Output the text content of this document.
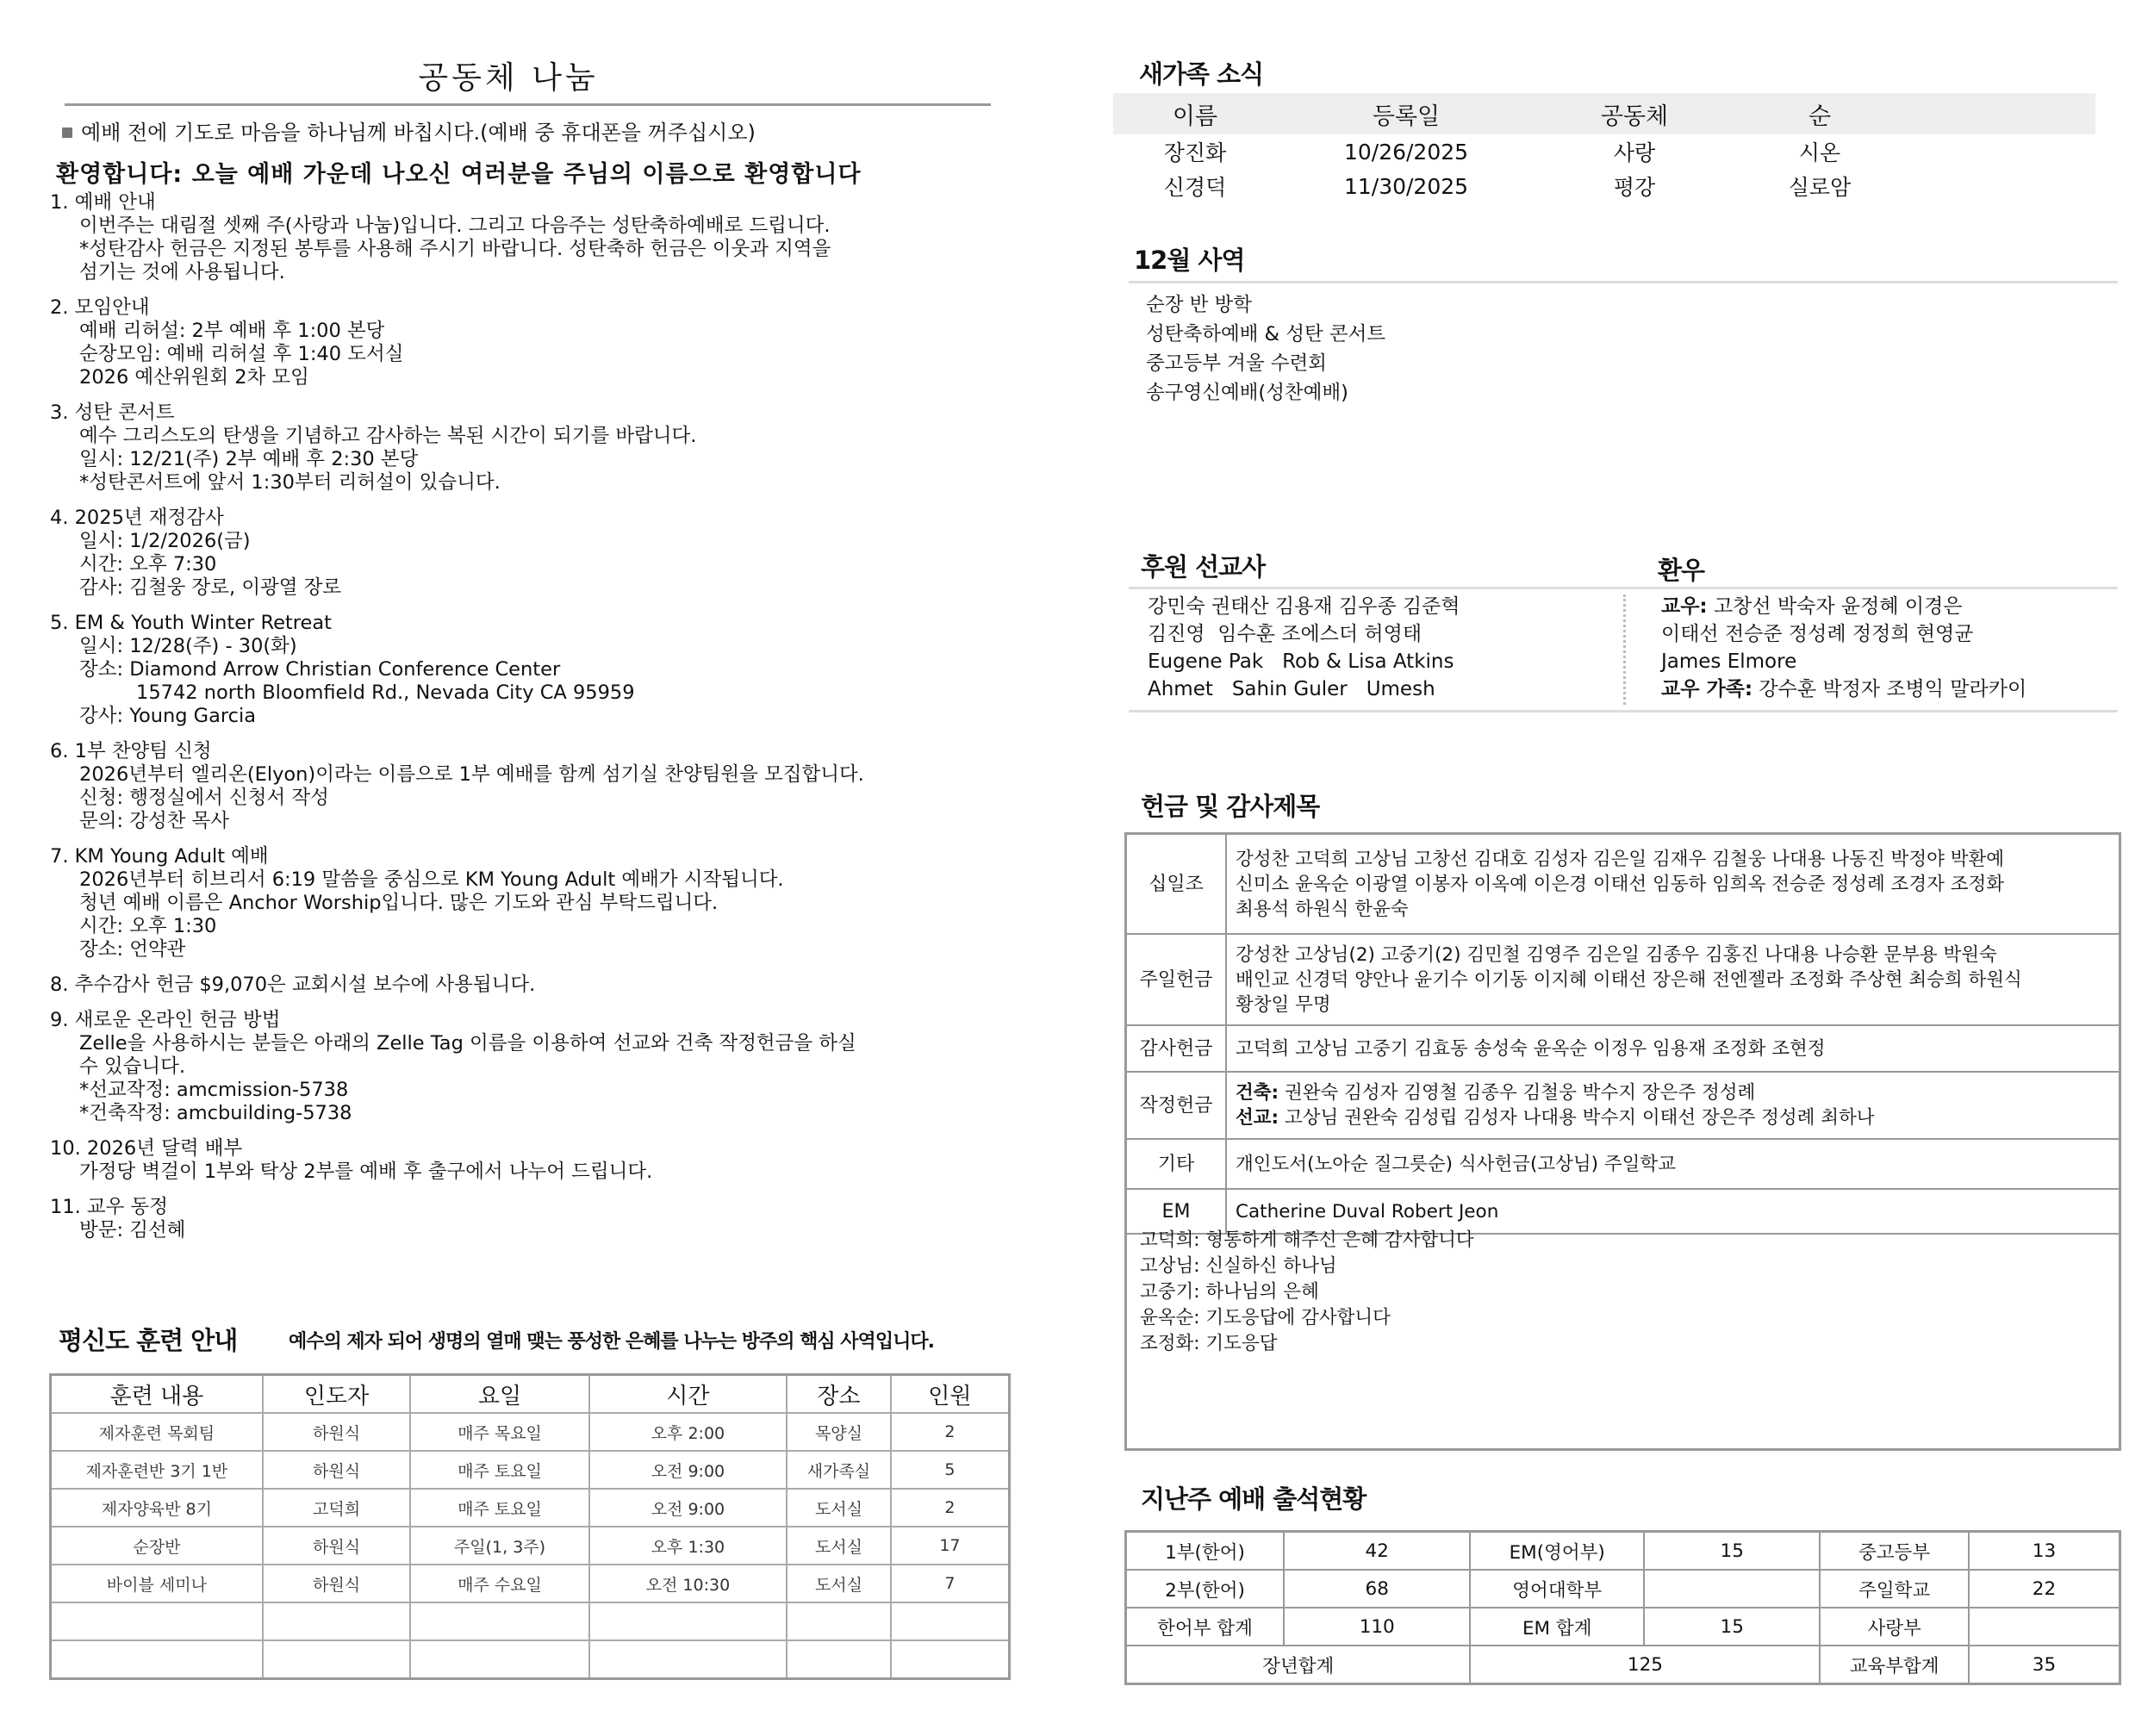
공동체 나눔
예배 전에 기도로 마음을 하나님께 바칩시다.(예배 중 휴대폰을 꺼주십시오)
환영합니다: 오늘 예배 가운데 나오신 여러분을 주님의 이름으로 환영합니다
1. 예배 안내
이번주는 대림절 셋째 주(사랑과 나눔)입니다. 그리고 다음주는 성탄축하예배로 드립니다.
*성탄감사 헌금은 지정된 봉투를 사용해 주시기 바랍니다. 성탄축하 헌금은 이웃과 지역을
섬기는 것에 사용됩니다.
2. 모임안내
예배 리허설: 2부 예배 후 1:00 본당
순장모임: 예배 리허설 후 1:40 도서실
2026 예산위원회 2차 모임
3. 성탄 콘서트
예수 그리스도의 탄생을 기념하고 감사하는 복된 시간이 되기를 바랍니다.
일시: 12/21(주) 2부 예배 후 2:30 본당
*성탄콘서트에 앞서 1:30부터 리허설이 있습니다.
4. 2025년 재정감사
일시: 1/2/2026(금)
시간: 오후 7:30
감사: 김철웅 장로, 이광열 장로
5. EM & Youth Winter Retreat
일시: 12/28(주) - 30(화)
장소: Diamond Arrow Christian Conference Center
15742 north Bloomfield Rd., Nevada City CA 95959
강사: Young Garcia
6. 1부 찬양팀 신청
2026년부터 엘리온(Elyon)이라는 이름으로 1부 예배를 함께 섬기실 찬양팀원을 모집합니다.
신청: 행정실에서 신청서 작성
문의: 강성찬 목사
7. KM Young Adult 예배
2026년부터 히브리서 6:19 말씀을 중심으로 KM Young Adult 예배가 시작됩니다.
청년 예배 이름은 Anchor Worship입니다. 많은 기도와 관심 부탁드립니다.
시간: 오후 1:30
장소: 언약관
8. 추수감사 헌금 $9,070은 교회시설 보수에 사용됩니다.
9. 새로운 온라인 헌금 방법
Zelle을 사용하시는 분들은 아래의 Zelle Tag 이름을 이용하여 선교와 건축 작정헌금을 하실
수 있습니다.
*선교작정: amcmission-5738
*건축작정: amcbuilding-5738
10. 2026년 달력 배부
가정당 벽걸이 1부와 탁상 2부를 예배 후 출구에서 나누어 드립니다.
11. 교우 동정
방문: 김선혜
평신도 훈련 안내	예수의 제자 되어 생명의 열매 맺는 풍성한 은혜를 나누는 방주의 핵심 사역입니다.
훈련 내용	인도자	요일	시간	장소	인원
제자훈련 목회팀	하원식	매주 목요일	오후 2:00	목양실	2
제자훈련반 3기 1반	하원식	매주 토요일	오전 9:00	새가족실	5
제자양육반 8기	고덕희	매주 토요일	오전 9:00	도서실	2
순장반	하원식	주일(1, 3주)	오후 1:30	도서실	17
바이블 세미나	하원식	매주 수요일	오전 10:30	도서실	7

새가족 소식
이름	등록일	공동체	순	
장진화	10/26/2025	사랑	시온	
신경덕	11/30/2025	평강	실로암	
12월 사역
순장 반 방학
성탄축하예배 & 성탄 콘서트
중고등부 겨울 수련회
송구영신예배(성찬예배)
후원 선교사	환우
강민숙 권태산 김용재 김우종 김준혁
김진영  임수훈 조에스더 허영태
Eugene Pak   Rob & Lisa Atkins
Ahmet   Sahin Guler   Umesh
교우: 고창선 박숙자 윤정혜 이경은
이태선 전승준 정성례 정정희 현영균
James Elmore
교우 가족: 강수훈 박정자 조병익 말라카이
헌금 및 감사제목
십일조	강성찬 고덕희 고상님 고창선 김대호 김성자 김은일 김재우 김철웅 나대용 나동진 박정야 박환예
신미소 윤옥순 이광열 이봉자 이옥예 이은경 이태선 임동하 임희옥 전승준 정성례 조경자 조정화
최용석 하원식 한윤숙

주일헌금	강성찬 고상님(2) 고중기(2) 김민철 김영주 김은일 김종우 김홍진 나대용 나승환 문부용 박원숙
배인교 신경덕 양안나 윤기수 이기동 이지혜 이태선 장은해 전엔젤라 조정화 주상현 최승희 하원식
황창일 무명

감사헌금	고덕희 고상님 고중기 김효동 송성숙 윤옥순 이정우 임용재 조정화 조현정

작정헌금	건축: 권완숙 김성자 김영철 김종우 김철웅 박수지 장은주 정성례
선교: 고상님 권완숙 김성립 김성자 나대용 박수지 이태선 장은주 정성례 최하나

기타	개인도서(노아순 질그릇순) 식사헌금(고상님) 주일학교

EM	Catherine Duval Robert Jeon
고덕희: 형통하게 해주신 은혜 감사합니다
고상님: 신실하신 하나님
고중기: 하나님의 은혜
윤옥순: 기도응답에 감사합니다
조정화: 기도응답
지난주 예배 출석현황
1부(한어)	42	EM(영어부)	15	중고등부	13
2부(한어)	68	영어대학부		주일학교	22
한어부 합계	110	EM 합계	15	사랑부	
장년합계		125		교육부합계	35
